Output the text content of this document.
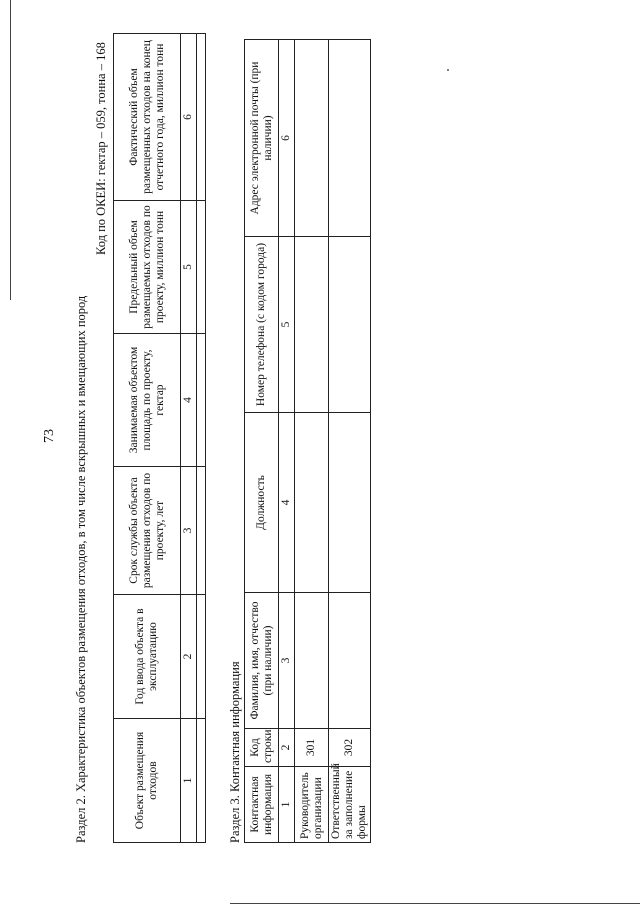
Раздел 2. Характеристика объектов размещения отходов, в том числе вскрышных и вмещающих пород
73
Код по ОКЕИ: гектар – 059, тонна – 168
Объект размещения отходов	Год ввода объекта в эксплуатацию	Срок службы объекта размещения отходов по проекту, лет	Занимаемая объектом площадь по проекту, гектар	Предельный объем размещаемых отходов по проекту, миллион тонн	Фактический объем размещенных отходов на конец отчетного года, миллион тонн
1	2	3	4	5	6

Раздел 3. Контактная информация Контактная информация	Код строки	Фамилия, имя, отчество (при наличии)	Должность	Номер телефона (с кодом города)	Адрес электронной почты (при наличии)
1	2	3	4	5	6
Руководитель организации	301				
Ответственный за заполнение формы	302				
